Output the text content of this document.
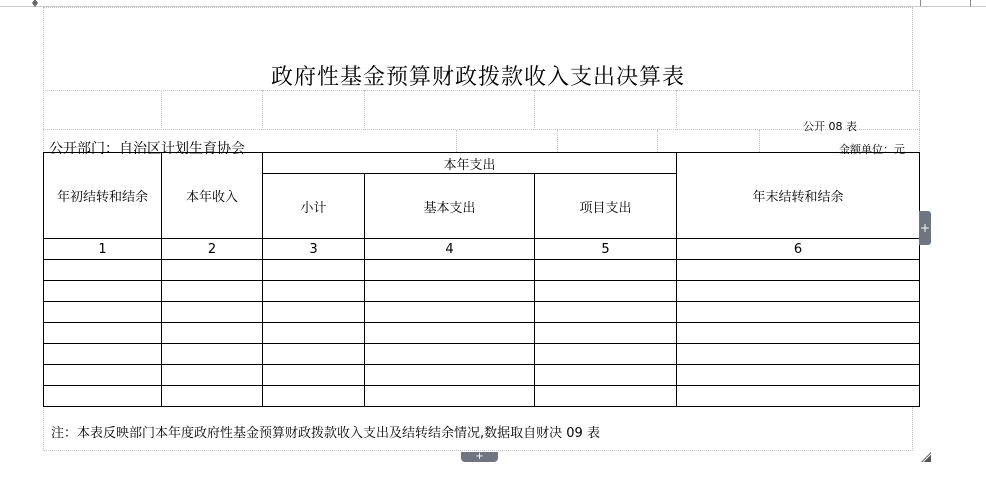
政府性基金预算财政拨款收入支出决算表
公开 08 表
公开部门：自治区计划生育协会	金额单位：元
年初结转和结余	本年收入	本年支出			年末结转和结余
		小计	基本支出	项目支出	
1	2	3	4	5	6

注：本表反映部门本年度政府性基金预算财政拨款收入支出及结转结余情况,数据取自财决 09 表
+
+
